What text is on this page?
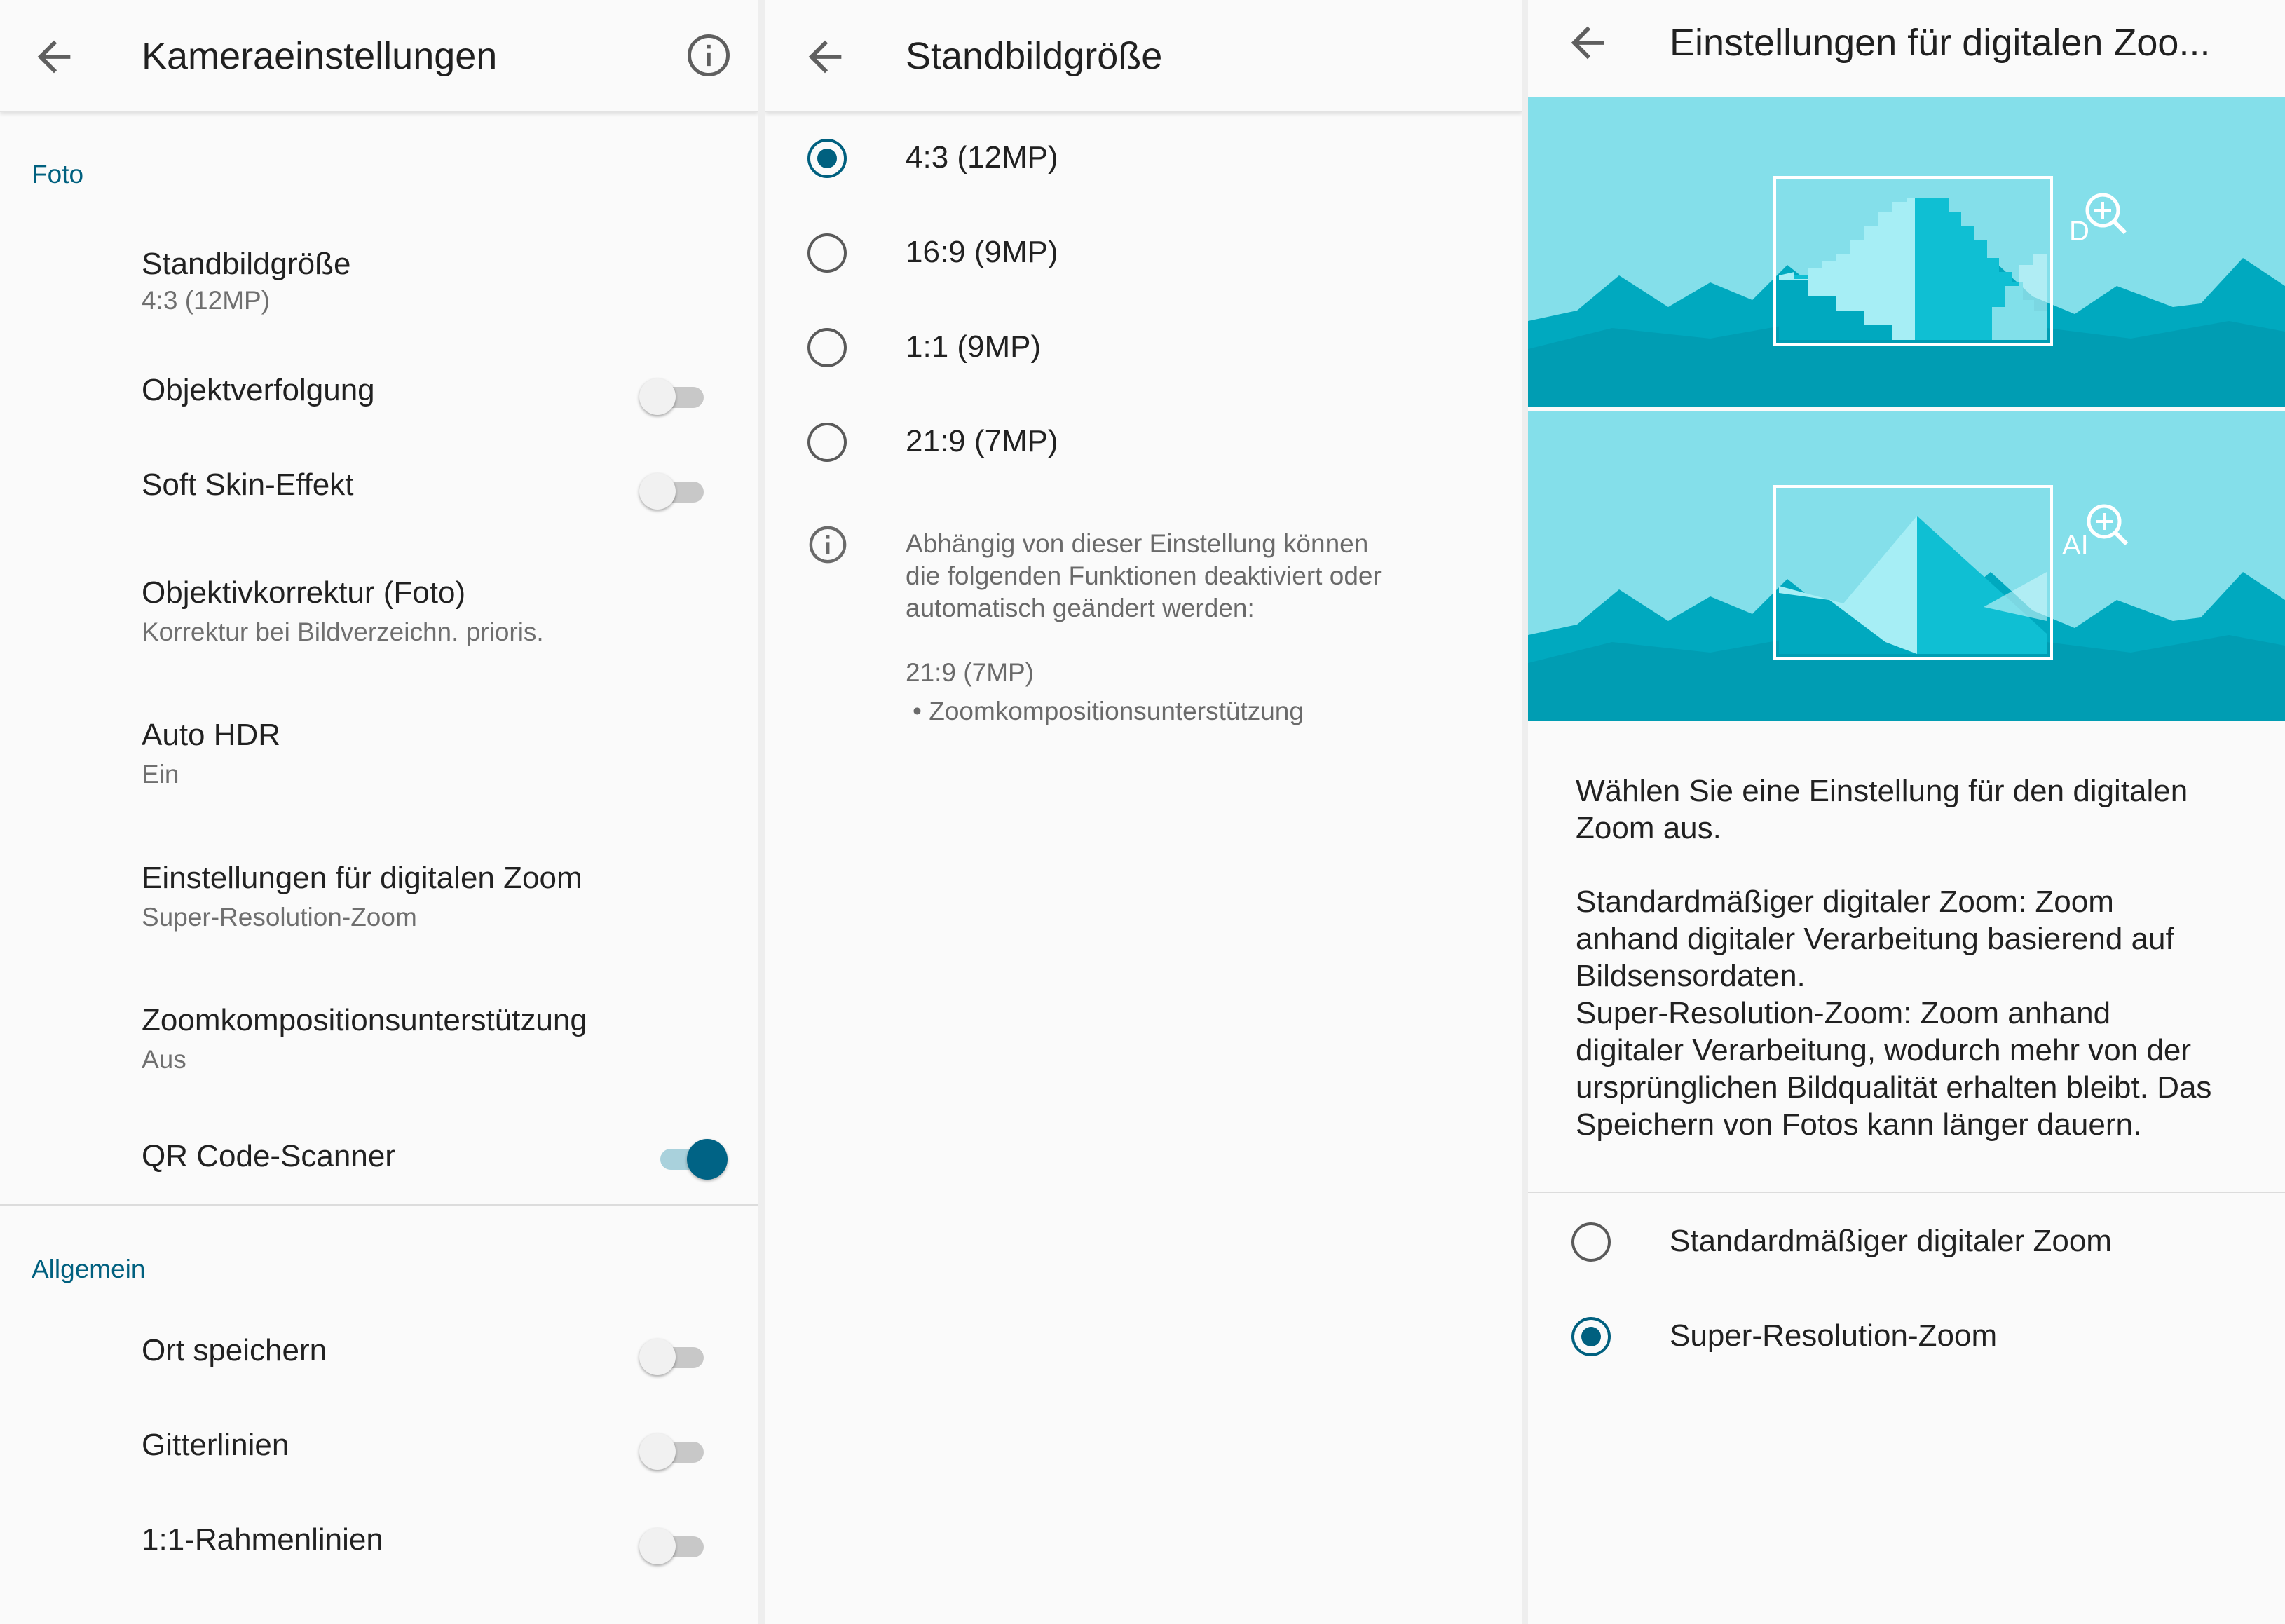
Kameraeinstellungen
Foto
Standbildgröße
4:3 (12MP)
Objektverfolgung
Soft Skin-Effekt
Objektivkorrektur (Foto)
Korrektur bei Bildverzeichn. prioris.
Auto HDR
Ein
Einstellungen für digitalen Zoom
Super-Resolution-Zoom
Zoomkompositionsunterstützung
Aus
QR Code-Scanner
Allgemein
Ort speichern
Gitterlinien
1:1-Rahmenlinien
Standbildgröße
4:3 (12MP)
16:9 (9MP)
1:1 (9MP)
21:9 (7MP)
Abhängig von dieser Einstellung können
die folgenden Funktionen deaktiviert oder
automatisch geändert werden:
21:9 (7MP)
• Zoomkompositionsunterstützung
Einstellungen für digitalen Zoo...
D
AI
Wählen Sie eine Einstellung für den digitalen
Zoom aus.
Standardmäßiger digitaler Zoom: Zoom
anhand digitaler Verarbeitung basierend auf
Bildsensordaten.
Super-Resolution-Zoom: Zoom anhand
digitaler Verarbeitung, wodurch mehr von der
ursprünglichen Bildqualität erhalten bleibt. Das
Speichern von Fotos kann länger dauern.
Standardmäßiger digitaler Zoom
Super-Resolution-Zoom
